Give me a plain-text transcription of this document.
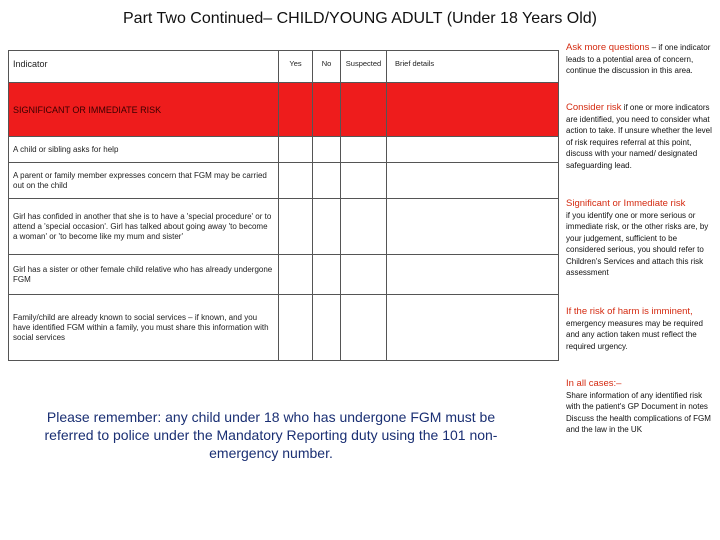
Part Two Continued– CHILD/YOUNG ADULT (Under 18 Years Old)
Indicator	Yes	No	Suspected	Brief details
SIGNIFICANT OR IMMEDIATE RISK				
A child or sibling asks for help				
A parent or family member expresses concern that FGM may be carried out on the child				
Girl has confided in another that she is to have a 'special procedure' or to attend a 'special occasion'. Girl has talked about going away 'to become a woman' or 'to become like my mum and sister'				
Girl has a sister or other female child relative who has already undergone FGM				
Family/child are already known to social services – if known, and you have identified FGM within a family, you must share this information with social services				
Please remember: any child under 18 who has undergone FGM must be referred to police under the Mandatory Reporting duty using the 101 non-emergency number.
Ask more questions – if one indicator leads to a potential area of concern, continue the discussion in this area.
Consider risk if one or more indicators are identified, you need to consider what action to take. If unsure whether the level of risk requires referral at this point, discuss with your named/ designated safeguarding lead.
Significant or Immediate risk
if you identify one or more serious or immediate risk, or the other risks are, by your judgement, sufficient to be considered serious, you should refer to Children's Services and attach this risk assessment
If the risk of harm is imminent, emergency measures may be required and any action taken must reflect the required urgency.
In all cases:–
Share information of any identified risk with the patient's GP Document in notes Discuss the health complications of FGM and the law in the UK
